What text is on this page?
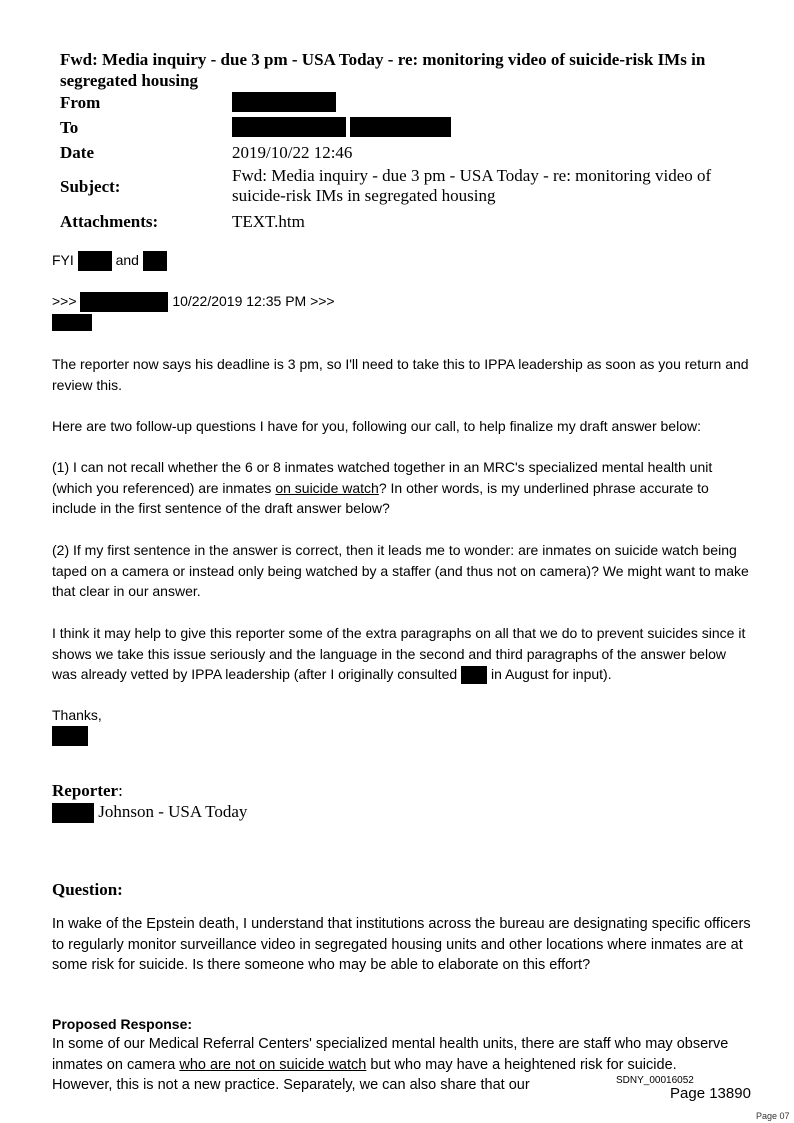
Fwd: Media inquiry - due 3 pm - USA Today - re: monitoring video of suicide-risk IMs in segregated housing
From
To
Date	2019/10/22 12:46
Subject:
Fwd: Media inquiry - due 3 pm - USA Today - re: monitoring video of suicide-risk IMs in segregated housing
Attachments:	TEXT.htm
FYI	and
>>>	10/22/2019 12:35 PM >>>
The reporter now says his deadline is 3 pm, so I'll need to take this to IPPA leadership as soon as you return and review this.
Here are two follow-up questions I have for you, following our call, to help finalize my draft answer below:
(1) I can not recall whether the 6 or 8 inmates watched together in an MRC's specialized mental health unit (which you referenced) are inmates on suicide watch? In other words, is my underlined phrase accurate to include in the first sentence of the draft answer below?
(2) If my first sentence in the answer is correct, then it leads me to wonder: are inmates on suicide watch being taped on a camera or instead only being watched by a staffer (and thus not on camera)? We might want to make that clear in our answer.
I think it may help to give this reporter some of the extra paragraphs on all that we do to prevent suicides since it shows we take this issue seriously and the language in the second and third paragraphs of the answer below was already vetted by IPPA leadership (after I originally consulted  in August for input).
Thanks,
Reporter:
Johnson - USA Today
Question:
In wake of the Epstein death, I understand that institutions across the bureau are designating specific officers to regularly monitor surveillance video in segregated housing units and other locations where inmates are at some risk for suicide. Is there someone who may be able to elaborate on this effort?
Proposed Response:
In some of our Medical Referral Centers' specialized mental health units, there are staff who may observe inmates on camera who are not on suicide watch but who may have a heightened risk for suicide. However, this is not a new practice. Separately, we can also share that our	SDNY_00016052
Page 13890
Page 07
